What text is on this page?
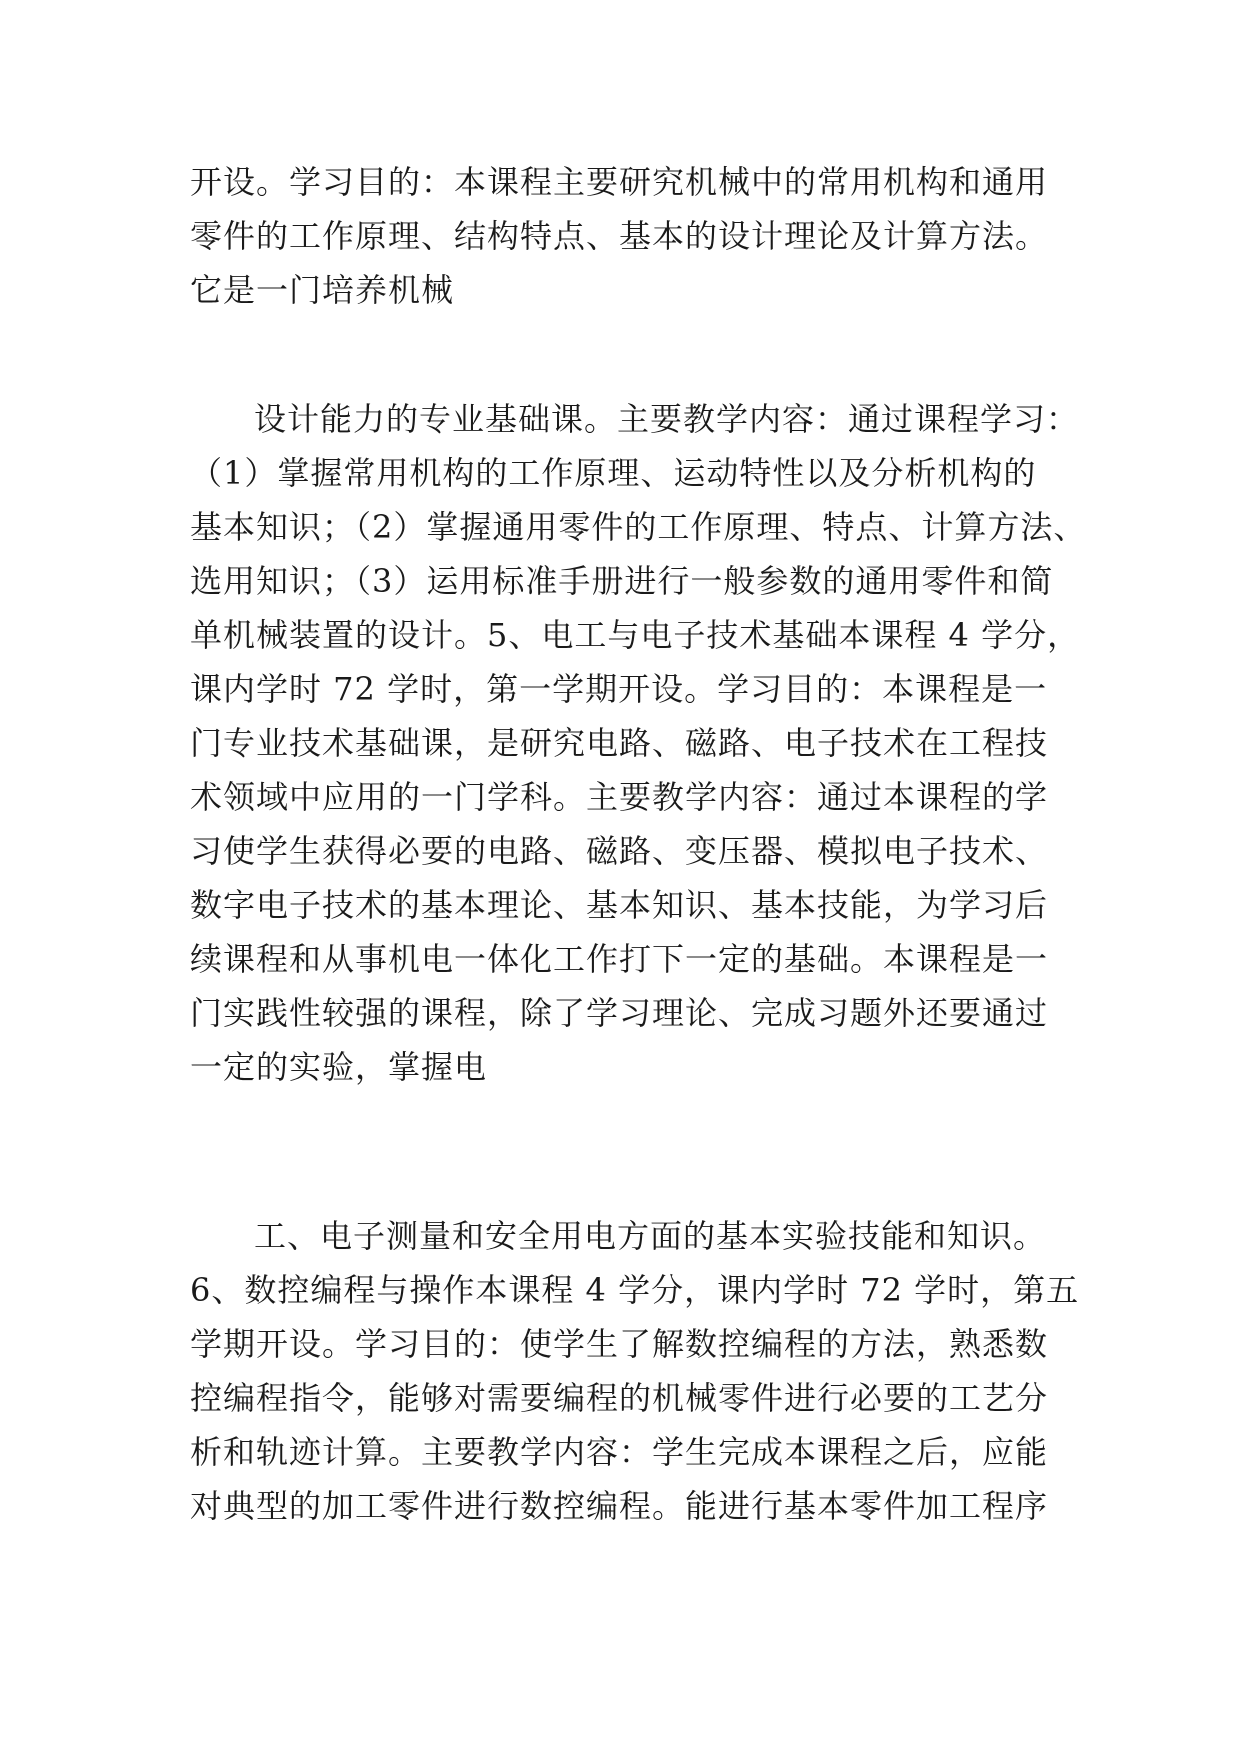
开设。学习目的：本课程主要研究机械中的常用机构和通用
零件的工作原理、结构特点、基本的设计理论及计算方法。
它是一门培养机械
设计能力的专业基础课。主要教学内容：通过课程学习：
（1）掌握常用机构的工作原理、运动特性以及分析机构的
基本知识；（2）掌握通用零件的工作原理、特点、计算方法、
选用知识；（3）运用标准手册进行一般参数的通用零件和简
单机械装置的设计。5、电工与电子技术基础本课程 4 学分，
课内学时 72 学时，第一学期开设。学习目的：本课程是一
门专业技术基础课，是研究电路、磁路、电子技术在工程技
术领域中应用的一门学科。主要教学内容：通过本课程的学
习使学生获得必要的电路、磁路、变压器、模拟电子技术、
数字电子技术的基本理论、基本知识、基本技能，为学习后
续课程和从事机电一体化工作打下一定的基础。本课程是一
门实践性较强的课程，除了学习理论、完成习题外还要通过
一定的实验，掌握电
工、电子测量和安全用电方面的基本实验技能和知识。
6、数控编程与操作本课程 4 学分，课内学时 72 学时，第五
学期开设。学习目的：使学生了解数控编程的方法，熟悉数
控编程指令，能够对需要编程的机械零件进行必要的工艺分
析和轨迹计算。主要教学内容：学生完成本课程之后，应能
对典型的加工零件进行数控编程。能进行基本零件加工程序
